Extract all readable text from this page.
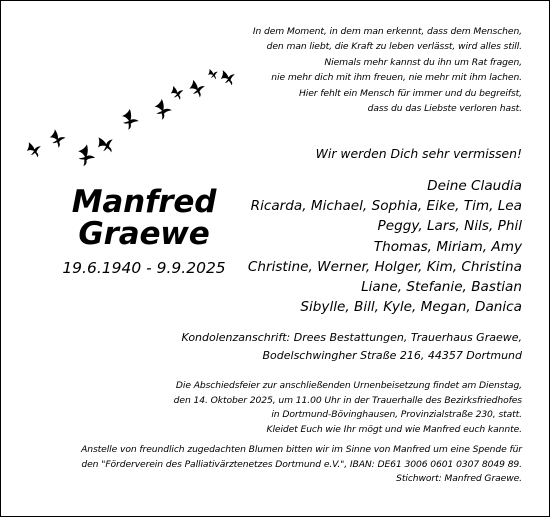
In dem Moment, in dem man erkennt, dass dem Menschen,
den man liebt, die Kraft zu leben verlässt, wird alles still.
Niemals mehr kannst du ihn um Rat fragen,
nie mehr dich mit ihm freuen, nie mehr mit ihm lachen.
Hier fehlt ein Mensch für immer und du begreifst,
dass du das Liebste verloren hast.
Wir werden Dich sehr vermissen!
Deine Claudia
Ricarda, Michael, Sophia, Eike, Tim, Lea
Peggy, Lars, Nils, Phil
Thomas, Miriam, Amy
Christine, Werner, Holger, Kim, Christina
Liane, Stefanie, Bastian
Sibylle, Bill, Kyle, Megan, Danica
Manfred
Graewe
19.6.1940 - 9.9.2025
Kondolenzanschrift: Drees Bestattungen, Trauerhaus Graewe,
Bodelschwingher Straße 216, 44357 Dortmund
Die Abschiedsfeier zur anschließenden Urnenbeisetzung findet am Dienstag,
den 14. Oktober 2025, um 11.00 Uhr in der Trauerhalle des Bezirksfriedhofes
in Dortmund-Bövinghausen, Provinzialstraße 230, statt.
Kleidet Euch wie Ihr mögt und wie Manfred euch kannte.
Anstelle von freundlich zugedachten Blumen bitten wir im Sinne von Manfred um eine Spende für
den "Förderverein des Palliativärztenetzes Dortmund e.V.", IBAN: DE61 3006 0601 0307 8049 89.
Stichwort: Manfred Graewe.
